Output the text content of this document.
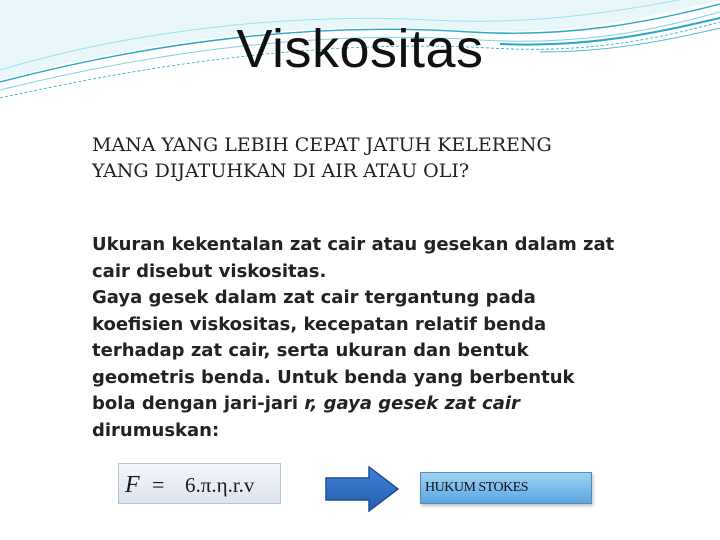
Viskositas
MANA YANG LEBIH CEPAT JATUH KELERENG YANG DIJATUHKAN DI AIR ATAU OLI?

Ukuran kekentalan zat cair atau gesekan dalam zat cair disebut viskositas.

Gaya gesek dalam zat cair tergantung pada koefisien viskositas, kecepatan relatif benda terhadap zat cair, serta ukuran dan bentuk geometris benda. Untuk benda yang berbentuk bola dengan jari-jari r, gaya gesek zat cair dirumuskan:

F = 6.π.η.r.v	HUKUM STOKES
